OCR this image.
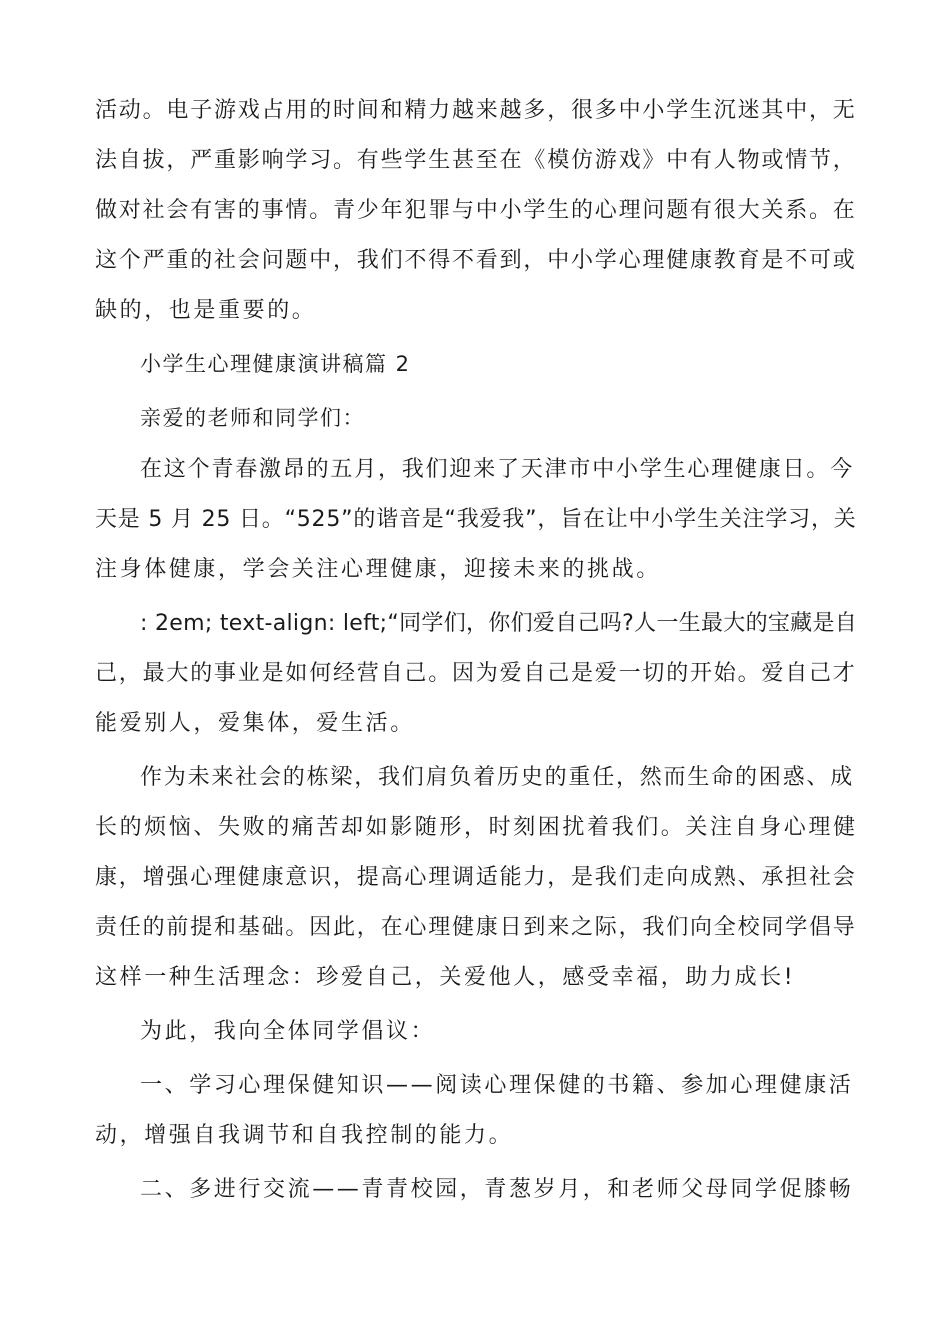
活动。电子游戏占用的时间和精力越来越多，很多中小学生沉迷其中，无
法自拔，严重影响学习。有些学生甚至在《模仿游戏》中有人物或情节，
做对社会有害的事情。青少年犯罪与中小学生的心理问题有很大关系。在
这个严重的社会问题中，我们不得不看到，中小学心理健康教育是不可或
缺的，也是重要的。
小学生心理健康演讲稿篇 2
亲爱的老师和同学们：
在这个青春激昂的五月，我们迎来了天津市中小学生心理健康日。今
天是 5 月 25 日。“525”的谐音是“我爱我”，旨在让中小学生关注学习，关
注身体健康，学会关注心理健康，迎接未来的挑战。
: 2em; text-align: left;“同学们，你们爱自己吗?人一生最大的宝藏是自
己，最大的事业是如何经营自己。因为爱自己是爱一切的开始。爱自己才
能爱别人，爱集体，爱生活。
作为未来社会的栋梁，我们肩负着历史的重任，然而生命的困惑、成
长的烦恼、失败的痛苦却如影随形，时刻困扰着我们。关注自身心理健
康，增强心理健康意识，提高心理调适能力，是我们走向成熟、承担社会
责任的前提和基础。因此，在心理健康日到来之际，我们向全校同学倡导
这样一种生活理念：珍爱自己，关爱他人，感受幸福，助力成长!
为此，我向全体同学倡议：
一、学习心理保健知识——阅读心理保健的书籍、参加心理健康活
动，增强自我调节和自我控制的能力。
二、多进行交流——青青校园，青葱岁月，和老师父母同学促膝畅
